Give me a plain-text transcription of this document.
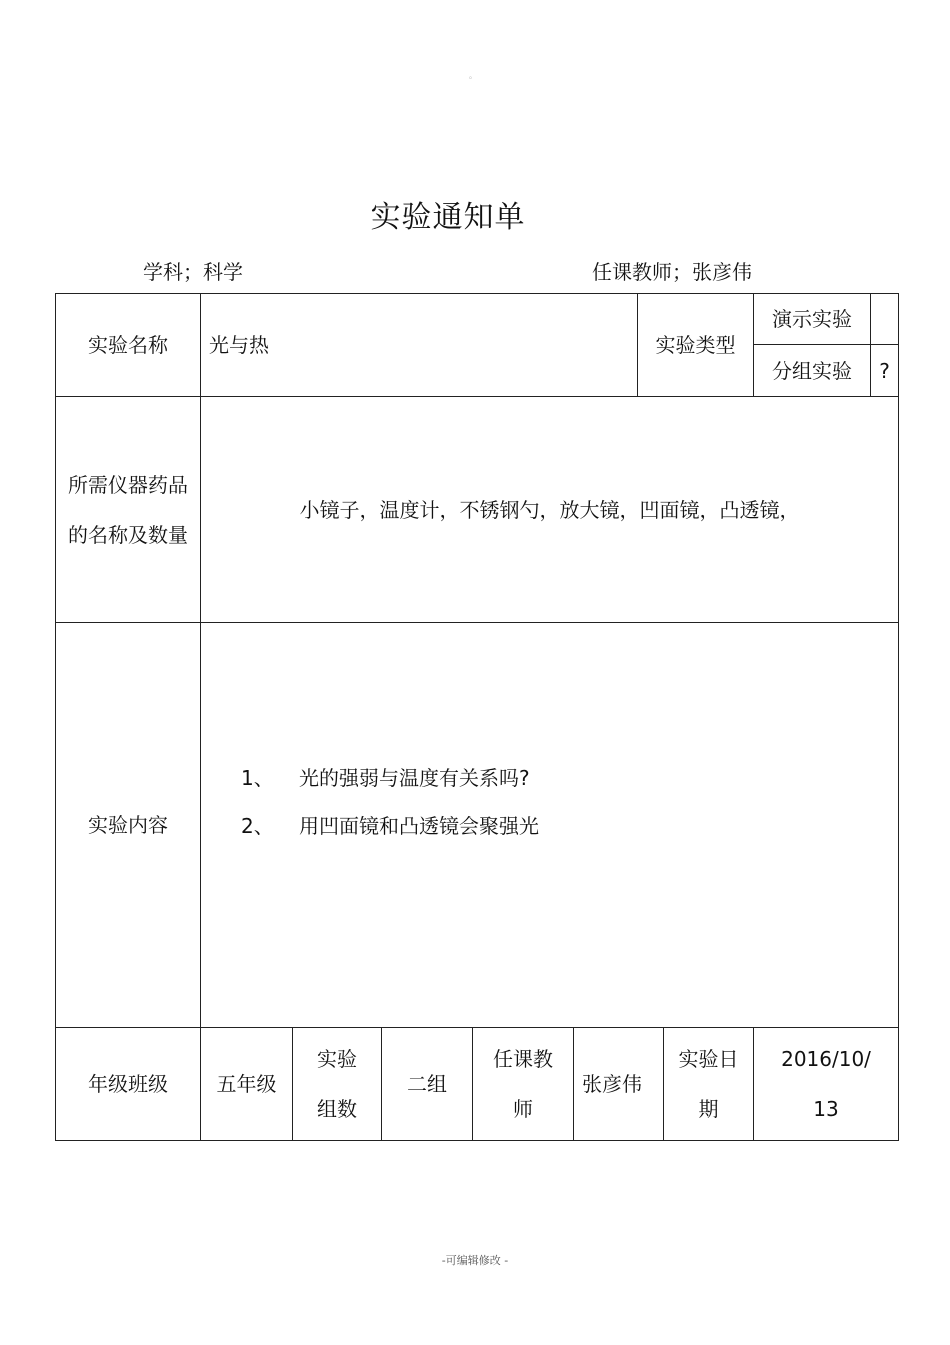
。
实验通知单
学科；科学	任课教师；张彦伟
实验名称	光与热					实验类型		演示实验	
								分组实验	?
所需仪器药品的名称及数量	小镜子，温度计，不锈钢勺，放大镜，凹面镜，凸透镜，								
实验内容	1、 光的强弱与温度有关系吗?
2、 用凹面镜和凸透镜会聚强光								

年级班级	五年级	实验组数	二组	任课教师	张彦伟		实验日期	2016/10/13	
-可编辑修改 -
